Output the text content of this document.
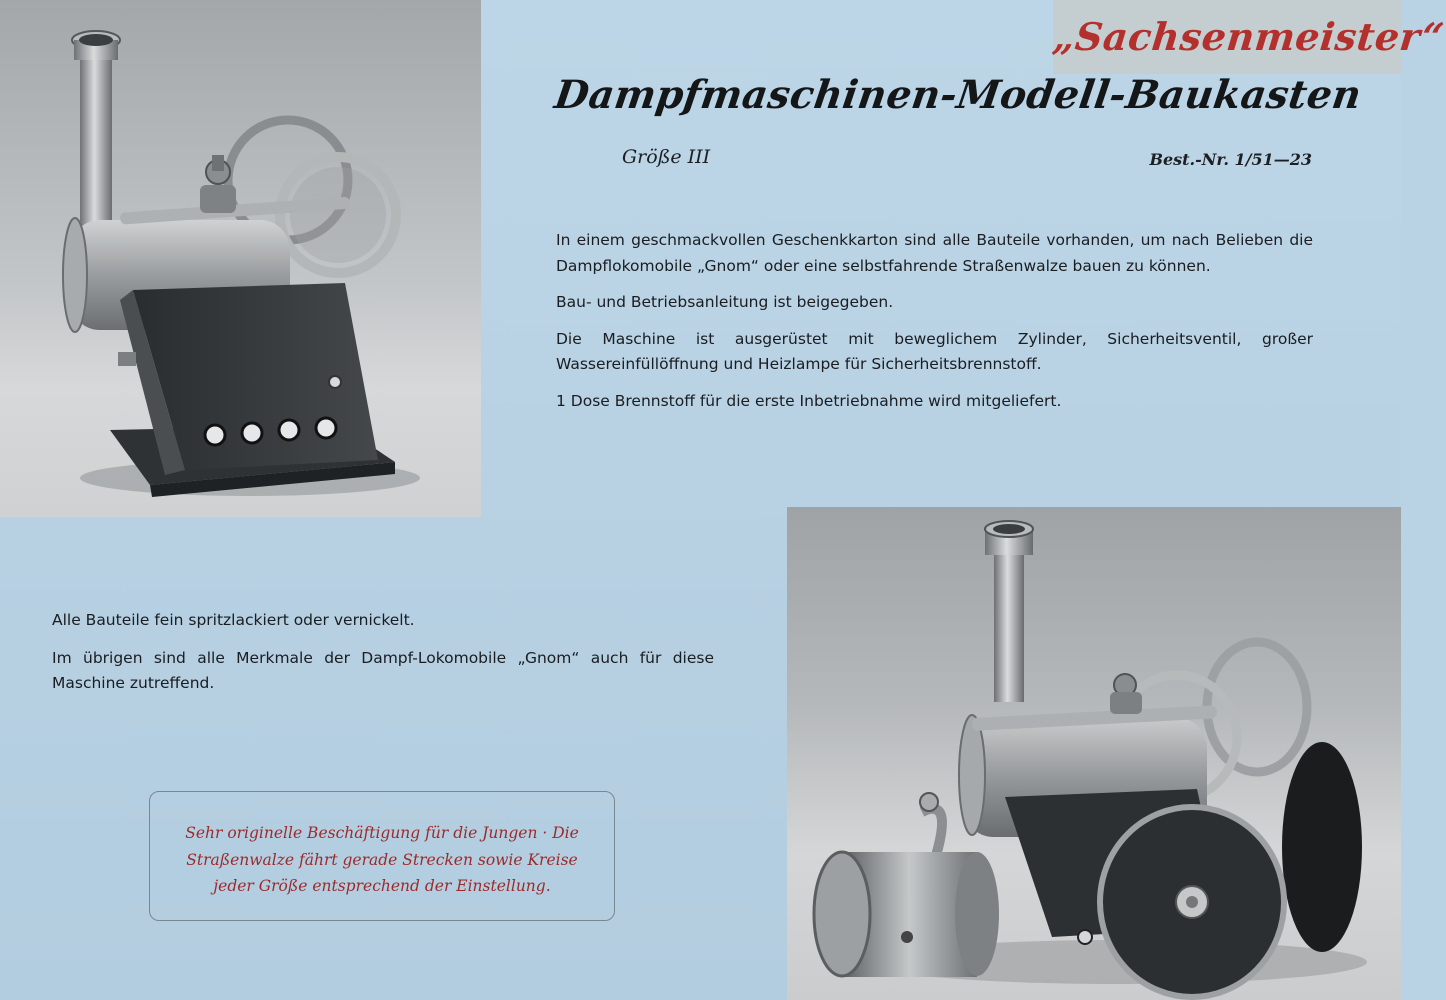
„Sachsenmeister“
Dampfmaschinen-Modell-Baukasten
Größe III	Best.-Nr. 1/51—23

In einem geschmackvollen Geschenkkarton sind alle Bauteile vorhanden, um nach Belieben die Dampflokomobile „Gnom“ oder eine selbstfahrende Straßenwalze bauen zu können.

Bau- und Betriebsanleitung ist beigegeben.

Die Maschine ist ausgerüstet mit beweglichem Zylinder, Sicherheitsventil, großer Wassereinfüllöffnung und Heizlampe für Sicherheitsbrennstoff.

1 Dose Brennstoff für die erste Inbetriebnahme wird mitgeliefert.

Alle Bauteile fein spritzlackiert oder vernickelt.

Im übrigen sind alle Merkmale der Dampf-Lokomobile „Gnom“ auch für diese Maschine zutreffend.

Sehr originelle Beschäftigung für die Jungen · Die
Straßenwalze fährt gerade Strecken sowie Kreise
jeder Größe entsprechend der Einstellung.
